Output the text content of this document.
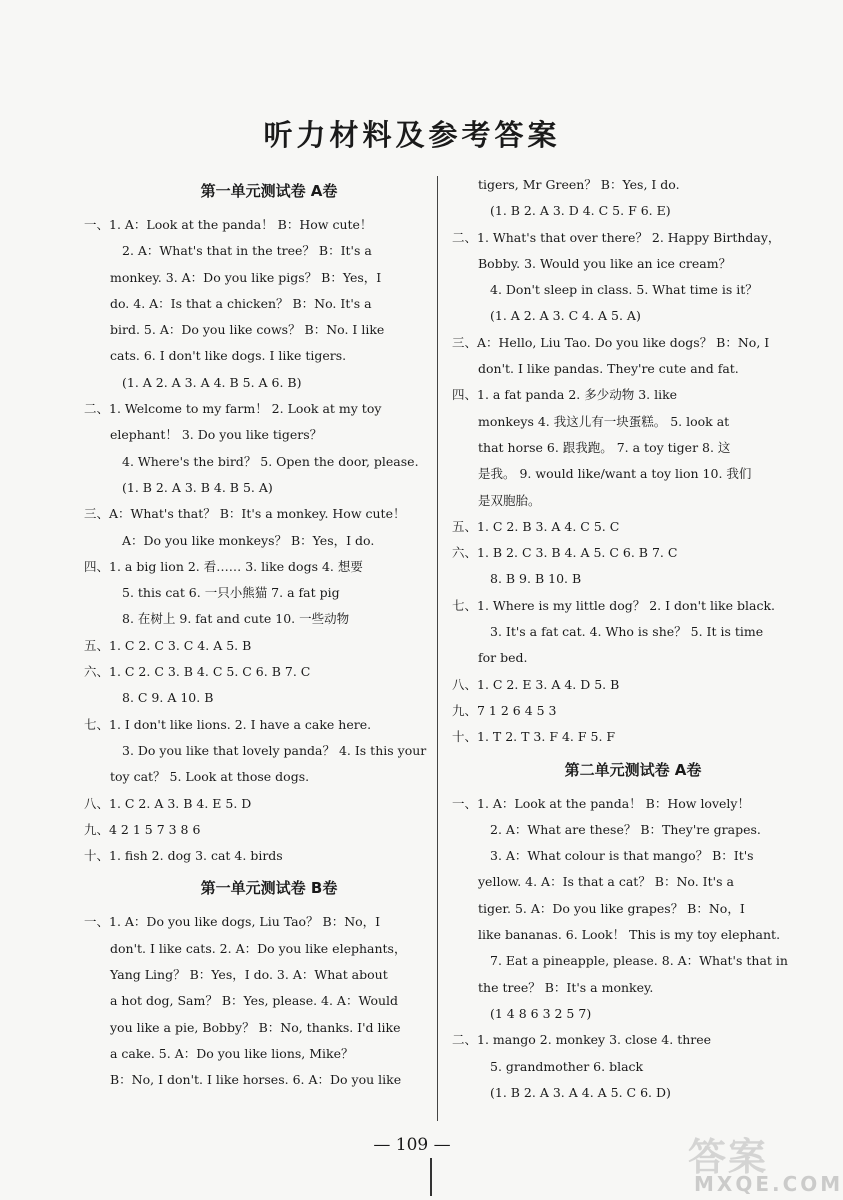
听力材料及参考答案
第一单元测试卷 A卷
一、1. A：Look at the panda！ B：How cute！
2. A：What's that in the tree？ B：It's a
monkey. 3. A：Do you like pigs？ B：Yes，I
do. 4. A：Is that a chicken？ B：No. It's a
bird. 5. A：Do you like cows？ B：No. I like
cats. 6. I don't like dogs. I like tigers.
(1. A 2. A 3. A 4. B 5. A 6. B)
二、1. Welcome to my farm！ 2. Look at my toy
elephant！ 3. Do you like tigers？
4. Where's the bird？ 5. Open the door, please.
(1. B 2. A 3. B 4. B 5. A)
三、A：What's that？ B：It's a monkey. How cute！
A：Do you like monkeys？ B：Yes，I do.
四、1. a big lion 2. 看…… 3. like dogs 4. 想要
5. this cat 6. 一只小熊猫 7. a fat pig
8. 在树上 9. fat and cute 10. 一些动物
五、1. C 2. C 3. C 4. A 5. B
六、1. C 2. C 3. B 4. C 5. C 6. B 7. C
8. C 9. A 10. B
七、1. I don't like lions. 2. I have a cake here.
3. Do you like that lovely panda？ 4. Is this your
toy cat？ 5. Look at those dogs.
八、1. C 2. A 3. B 4. E 5. D
九、4 2 1 5 7 3 8 6
十、1. fish 2. dog 3. cat 4. birds
第一单元测试卷 B卷
一、1. A：Do you like dogs, Liu Tao？ B：No，I
don't. I like cats. 2. A：Do you like elephants，
Yang Ling？ B：Yes，I do. 3. A：What about
a hot dog, Sam？ B：Yes, please. 4. A：Would
you like a pie, Bobby？ B：No, thanks. I'd like
a cake. 5. A：Do you like lions, Mike？
B：No, I don't. I like horses. 6. A：Do you like
tigers, Mr Green？ B：Yes, I do.
(1. B 2. A 3. D 4. C 5. F 6. E)
二、1. What's that over there？ 2. Happy Birthday，
Bobby. 3. Would you like an ice cream？
4. Don't sleep in class. 5. What time is it？
(1. A 2. A 3. C 4. A 5. A)
三、A：Hello, Liu Tao. Do you like dogs？ B：No, I
don't. I like pandas. They're cute and fat.
四、1. a fat panda 2. 多少动物 3. like
monkeys 4. 我这儿有一块蛋糕。 5. look at
that horse 6. 跟我跑。 7. a toy tiger 8. 这
是我。 9. would like/want a toy lion 10. 我们
是双胞胎。
五、1. C 2. B 3. A 4. C 5. C
六、1. B 2. C 3. B 4. A 5. C 6. B 7. C
8. B 9. B 10. B
七、1. Where is my little dog？ 2. I don't like black.
3. It's a fat cat. 4. Who is she？ 5. It is time
for bed.
八、1. C 2. E 3. A 4. D 5. B
九、7 1 2 6 4 5 3
十、1. T 2. T 3. F 4. F 5. F
第二单元测试卷 A卷
一、1. A：Look at the panda！ B：How lovely！
2. A：What are these？ B：They're grapes.
3. A：What colour is that mango？ B：It's
yellow. 4. A：Is that a cat？ B：No. It's a
tiger. 5. A：Do you like grapes？ B：No，I
like bananas. 6. Look！ This is my toy elephant.
7. Eat a pineapple, please. 8. A：What's that in
the tree？ B：It's a monkey.
(1 4 8 6 3 2 5 7)
二、1. mango 2. monkey 3. close 4. three
5. grandmother 6. black
(1. B 2. A 3. A 4. A 5. C 6. D)
— 109 —	答案
MXQE.COM
